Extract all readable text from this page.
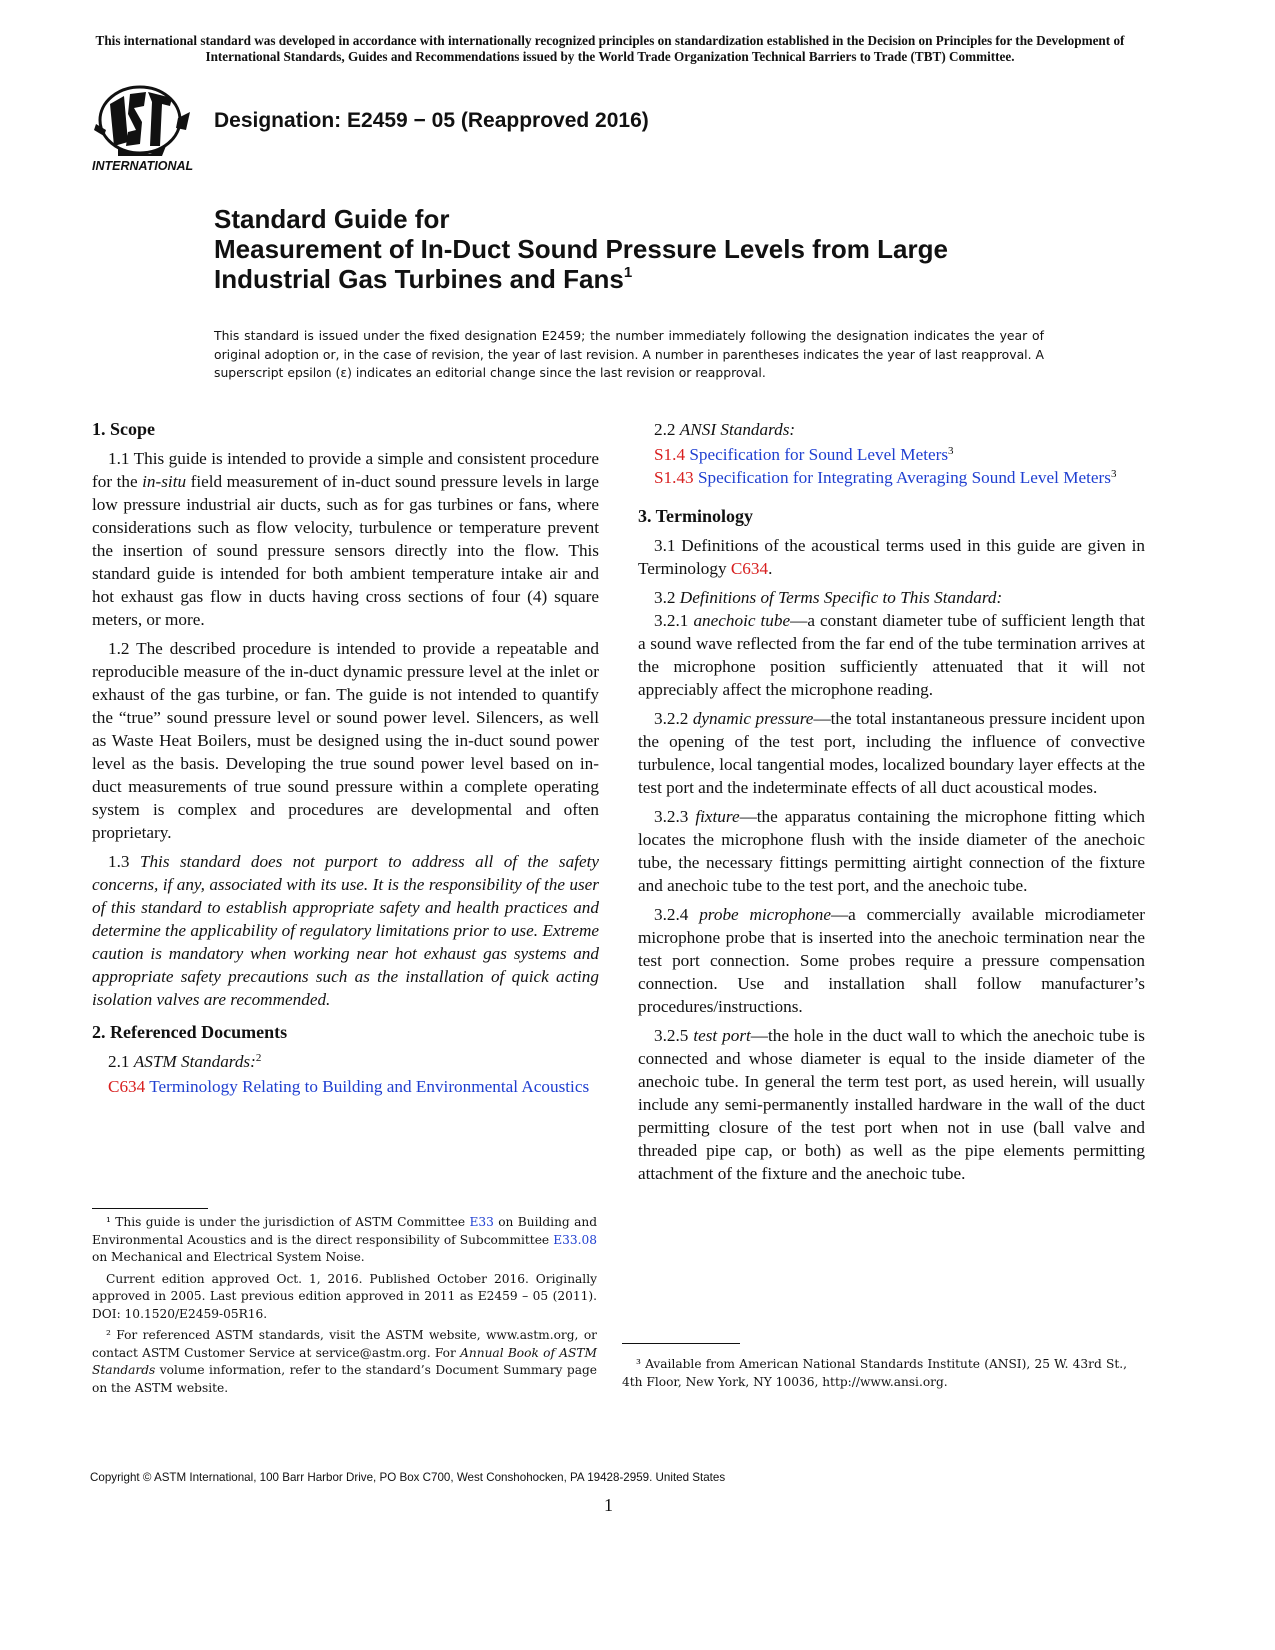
This international standard was developed in accordance with internationally recognized principles on standardization established in the Decision on Principles for the Development of International Standards, Guides and Recommendations issued by the World Trade Organization Technical Barriers to Trade (TBT) Committee.
INTERNATIONAL
Designation: E2459 − 05 (Reapproved 2016)
Standard Guide for
Measurement of In-Duct Sound Pressure Levels from Large
Industrial Gas Turbines and Fans$^1$
This standard is issued under the fixed designation E2459; the number immediately following the designation indicates the year of original adoption or, in the case of revision, the year of last revision. A number in parentheses indicates the year of last reapproval. A superscript epsilon (ε) indicates an editorial change since the last revision or reapproval.
1. Scope

1.1 This guide is intended to provide a simple and consistent procedure for the in-situ field measurement of in-duct sound pressure levels in large low pressure industrial air ducts, such as for gas turbines or fans, where considerations such as flow velocity, turbulence or temperature prevent the insertion of sound pressure sensors directly into the flow. This standard guide is intended for both ambient temperature intake air and hot exhaust gas flow in ducts having cross sections of four (4) square meters, or more.

1.2 The described procedure is intended to provide a repeatable and reproducible measure of the in-duct dynamic pressure level at the inlet or exhaust of the gas turbine, or fan. The guide is not intended to quantify the “true” sound pressure level or sound power level. Silencers, as well as Waste Heat Boilers, must be designed using the in-duct sound power level as the basis. Developing the true sound power level based on in-duct measurements of true sound pressure within a complete operating system is complex and procedures are developmental and often proprietary.

1.3 This standard does not purport to address all of the safety concerns, if any, associated with its use. It is the responsibility of the user of this standard to establish appropriate safety and health practices and determine the applicability of regulatory limitations prior to use. Extreme caution is mandatory when working near hot exhaust gas systems and appropriate safety precautions such as the installation of quick acting isolation valves are recommended.

2. Referenced Documents

2.1 ASTM Standards:$^2$

C634 Terminology Relating to Building and Environmental Acoustics

2.2 ANSI Standards:

S1.4 Specification for Sound Level Meters$^3$

S1.43 Specification for Integrating Averaging Sound Level Meters$^3$

3. Terminology

3.1 Definitions of the acoustical terms used in this guide are given in Terminology C634.

3.2 Definitions of Terms Specific to This Standard:

3.2.1 anechoic tube—a constant diameter tube of sufficient length that a sound wave reflected from the far end of the tube termination arrives at the microphone position sufficiently attenuated that it will not appreciably affect the microphone reading.

3.2.2 dynamic pressure—the total instantaneous pressure incident upon the opening of the test port, including the influence of convective turbulence, local tangential modes, localized boundary layer effects at the test port and the indeterminate effects of all duct acoustical modes.

3.2.3 fixture—the apparatus containing the microphone fitting which locates the microphone flush with the inside diameter of the anechoic tube, the necessary fittings permitting airtight connection of the fixture and anechoic tube to the test port, and the anechoic tube.

3.2.4 probe microphone—a commercially available microdiameter microphone probe that is inserted into the anechoic termination near the test port connection. Some probes require a pressure compensation connection. Use and installation shall follow manufacturer’s procedures/instructions.

3.2.5 test port—the hole in the duct wall to which the anechoic tube is connected and whose diameter is equal to the inside diameter of the anechoic tube. In general the term test port, as used herein, will usually include any semi-permanently installed hardware in the wall of the duct permitting closure of the test port when not in use (ball valve and threaded pipe cap, or both) as well as the pipe elements permitting attachment of the fixture and the anechoic tube.

¹ This guide is under the jurisdiction of ASTM Committee E33 on Building and Environmental Acoustics and is the direct responsibility of Subcommittee E33.08 on Mechanical and Electrical System Noise.

Current edition approved Oct. 1, 2016. Published October 2016. Originally approved in 2005. Last previous edition approved in 2011 as E2459 – 05 (2011). DOI: 10.1520/E2459-05R16.

² For referenced ASTM standards, visit the ASTM website, www.astm.org, or contact ASTM Customer Service at service@astm.org. For Annual Book of ASTM Standards volume information, refer to the standard’s Document Summary page on the ASTM website.

³ Available from American National Standards Institute (ANSI), 25 W. 43rd St., 4th Floor, New York, NY 10036, http://www.ansi.org.

Copyright © ASTM International, 100 Barr Harbor Drive, PO Box C700, West Conshohocken, PA 19428-2959. United States
1
